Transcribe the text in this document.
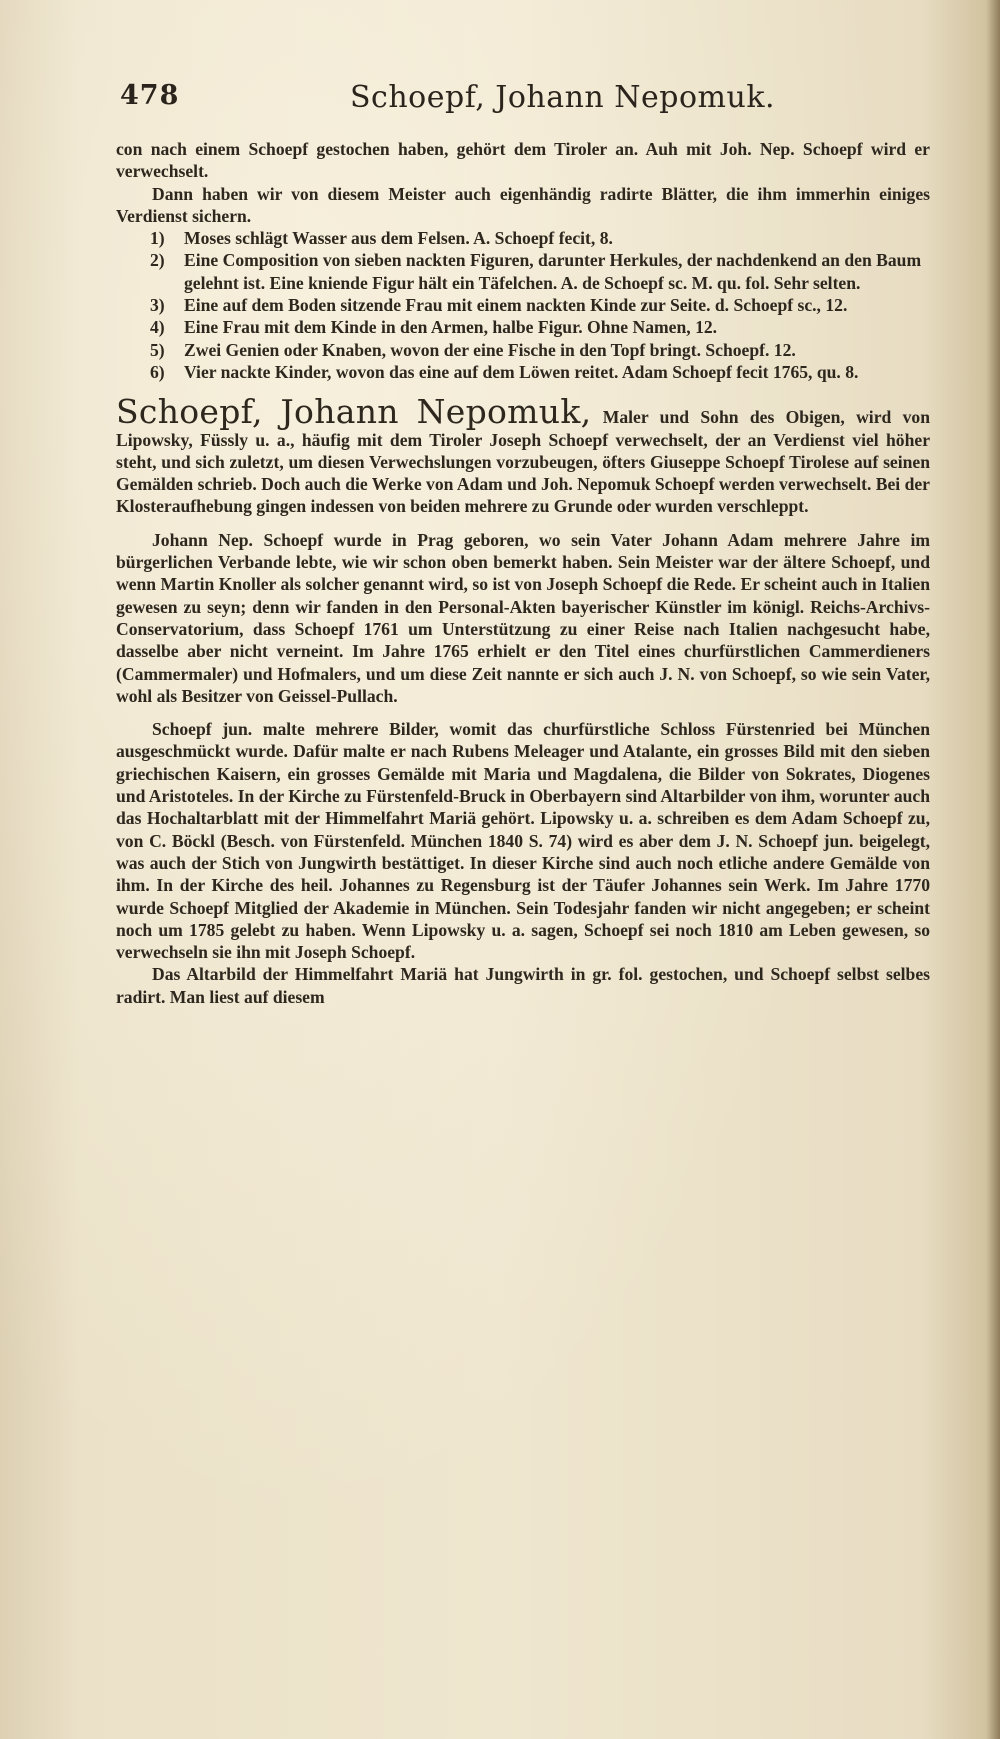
478	Schoepf, Johann Nepomuk.

con nach einem Schoepf gestochen haben, gehört dem Tiroler an. Auh mit Joh. Nep. Schoepf wird er verwechselt.

Dann haben wir von diesem Meister auch eigenhändig radirte Blätter, die ihm immerhin einiges Verdienst sichern.

1) Moses schlägt Wasser aus dem Felsen. A. Schoepf fecit, 8.
2) Eine Composition von sieben nackten Figuren, darunter Herkules, der nachdenkend an den Baum gelehnt ist. Eine kniende Figur hält ein Täfelchen. A. de Schoepf sc. M. qu. fol. Sehr selten.
3) Eine auf dem Boden sitzende Frau mit einem nackten Kinde zur Seite. d. Schoepf sc., 12.
4) Eine Frau mit dem Kinde in den Armen, halbe Figur. Ohne Namen, 12.
5) Zwei Genien oder Knaben, wovon der eine Fische in den Topf bringt. Schoepf. 12.
6) Vier nackte Kinder, wovon das eine auf dem Löwen reitet. Adam Schoepf fecit 1765, qu. 8.

Schoepf, Johann Nepomuk, Maler und Sohn des Obigen, wird von Lipowsky, Füssly u. a., häufig mit dem Tiroler Joseph Schoepf verwechselt, der an Verdienst viel höher steht, und sich zuletzt, um diesen Verwechslungen vorzubeugen, öfters Giuseppe Schoepf Tirolese auf seinen Gemälden schrieb. Doch auch die Werke von Adam und Joh. Nepomuk Schoepf werden verwechselt. Bei der Klosteraufhebung gingen indessen von beiden mehrere zu Grunde oder wurden verschleppt.

Johann Nep. Schoepf wurde in Prag geboren, wo sein Vater Johann Adam mehrere Jahre im bürgerlichen Verbande lebte, wie wir schon oben bemerkt haben. Sein Meister war der ältere Schoepf, und wenn Martin Knoller als solcher genannt wird, so ist von Joseph Schoepf die Rede. Er scheint auch in Italien gewesen zu seyn; denn wir fanden in den Personal-Akten bayerischer Künstler im königl. Reichs-Archivs-Conservatorium, dass Schoepf 1761 um Unterstützung zu einer Reise nach Italien nachgesucht habe, dasselbe aber nicht verneint. Im Jahre 1765 erhielt er den Titel eines churfürstlichen Cammerdieners (Cammermaler) und Hofmalers, und um diese Zeit nannte er sich auch J. N. von Schoepf, so wie sein Vater, wohl als Besitzer von Geissel-Pullach.

Schoepf jun. malte mehrere Bilder, womit das churfürstliche Schloss Fürstenried bei München ausgeschmückt wurde. Dafür malte er nach Rubens Meleager und Atalante, ein grosses Bild mit den sieben griechischen Kaisern, ein grosses Gemälde mit Maria und Magdalena, die Bilder von Sokrates, Diogenes und Aristoteles. In der Kirche zu Fürstenfeld-Bruck in Oberbayern sind Altarbilder von ihm, worunter auch das Hochaltarblatt mit der Himmelfahrt Mariä gehört. Lipowsky u. a. schreiben es dem Adam Schoepf zu, von C. Böckl (Besch. von Fürstenfeld. München 1840 S. 74) wird es aber dem J. N. Schoepf jun. beigelegt, was auch der Stich von Jungwirth bestättiget. In dieser Kirche sind auch noch etliche andere Gemälde von ihm. In der Kirche des heil. Johannes zu Regensburg ist der Täufer Johannes sein Werk. Im Jahre 1770 wurde Schoepf Mitglied der Akademie in München. Sein Todesjahr fanden wir nicht angegeben; er scheint noch um 1785 gelebt zu haben. Wenn Lipowsky u. a. sagen, Schoepf sei noch 1810 am Leben gewesen, so verwechseln sie ihn mit Joseph Schoepf.

Das Altarbild der Himmelfahrt Mariä hat Jungwirth in gr. fol. gestochen, und Schoepf selbst selbes radirt. Man liest auf diesem
